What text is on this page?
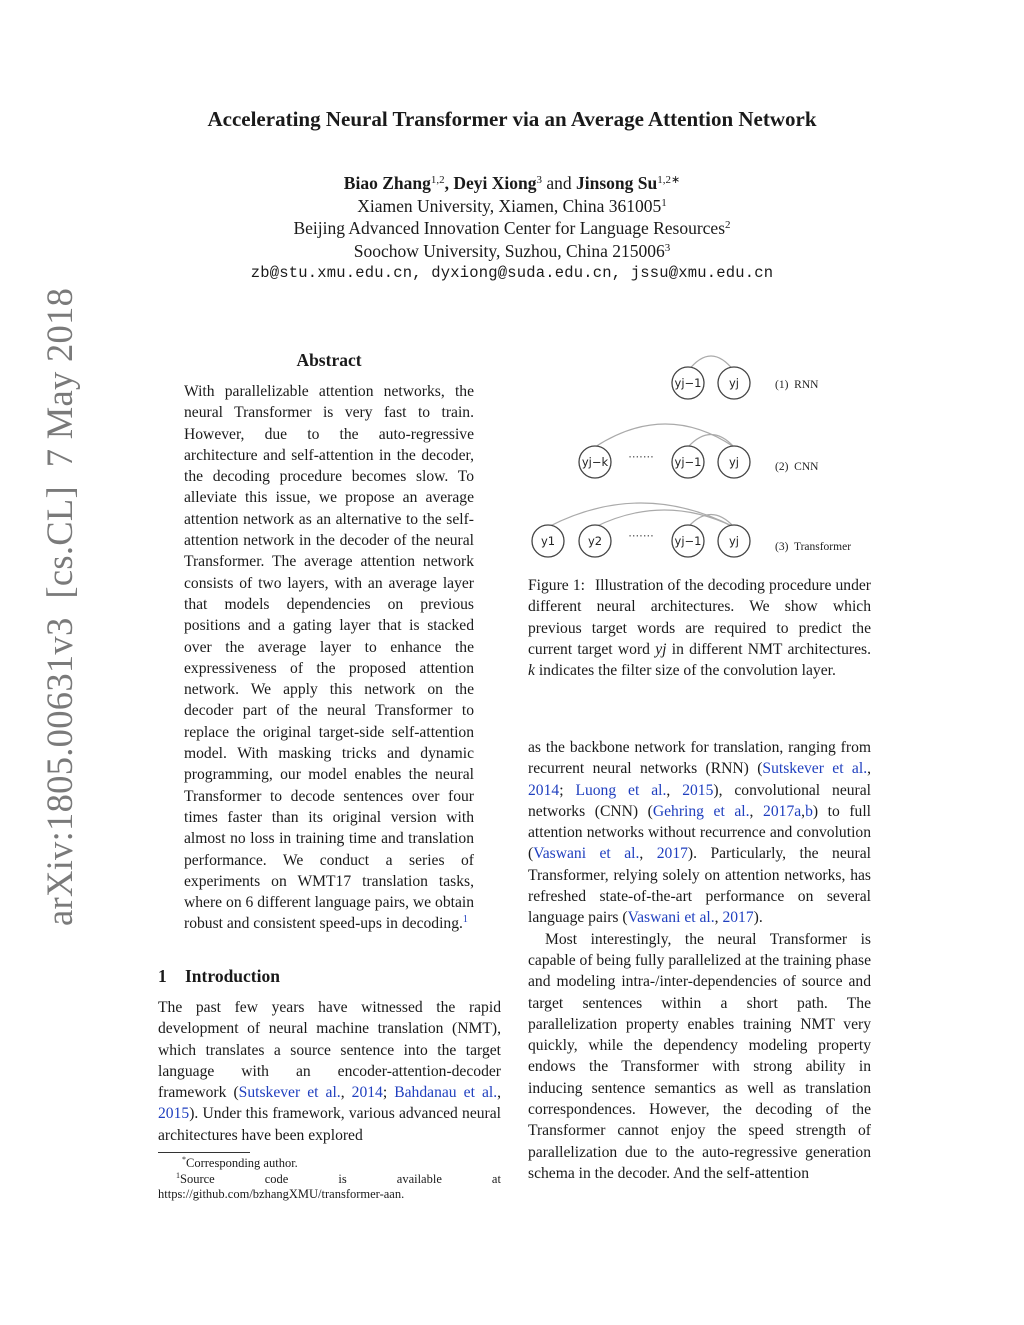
Accelerating Neural Transformer via an Average Attention Network
Biao Zhang$^{1,2}$, Deyi Xiong$^3$ and Jinsong $Su^{1,2∗}$
Xiamen University, Xiamen, China 361005$^1$
Beijing Advanced Innovation Center for Language Resources$^2$
Soochow University, Suzhou, China 215006$^3$
zb@stu.xmu.edu.cn, dyxiong@suda.edu.cn, jssu@xmu.edu.cn
arXiv:1805.00631v3  [cs.CL]  7 May 2018	Abstract
With parallelizable attention networks, the neural Transformer is very fast to train. However, due to the auto-regressive architecture and self-attention in the decoder, the decoding procedure becomes slow. To alleviate this issue, we propose an average attention network as an alternative to the self-attention network in the decoder of the neural Transformer. The average attention network consists of two layers, with an average layer that models dependencies on previous positions and a gating layer that is stacked over the average layer to enhance the expressiveness of the proposed attention network. We apply this network on the decoder part of the neural Transformer to replace the original target-side self-attention model. With masking tricks and dynamic programming, our model enables the neural Transformer to decode sentences over four times faster than its original version with almost no loss in training time and translation performance. We conduct a series of experiments on WMT17 translation tasks, where on 6 different language pairs, we obtain robust and consistent speed-ups in decoding.$^1$
1 Introduction
The past few years have witnessed the rapid development of neural machine translation (NMT), which translates a source sentence into the target language with an encoder-attention-decoder framework (Sutskever et al., 2014; Bahdanau et al., 2015). Under this framework, various advanced neural architectures have been explored
*Corresponding author.
$^1$Source	code	is	available	at
https://github.com/bzhangXMU/transformer-aan.
yj−1 yj
yj−k	yj−1 yj
y1	y2	yj−1 yj
·······
·······
(1)  RNN
(2)  CNN
(3)  Transformer
Figure 1: Illustration of the decoding procedure under different neural architectures. We show which previous target words are required to predict the current target word yj in different NMT architectures. k indicates the filter size of the convolution layer.

as the backbone network for translation, ranging from recurrent neural networks (RNN) (Sutskever et al., 2014; Luong et al., 2015), convolutional neural networks (CNN) (Gehring et al., 2017a,b) to full attention networks without recurrence and convolution (Vaswani et al., 2017). Particularly, the neural Transformer, relying solely on attention networks, has refreshed state-of-the-art performance on several language pairs (Vaswani et al., 2017).

Most interestingly, the neural Transformer is capable of being fully parallelized at the training phase and modeling intra-/inter-dependencies of source and target sentences within a short path. The parallelization property enables training NMT very quickly, while the dependency modeling property endows the Transformer with strong ability in inducing sentence semantics as well as translation correspondences. However, the decoding of the Transformer cannot enjoy the speed strength of parallelization due to the auto-regressive generation schema in the decoder. And the self-attention
